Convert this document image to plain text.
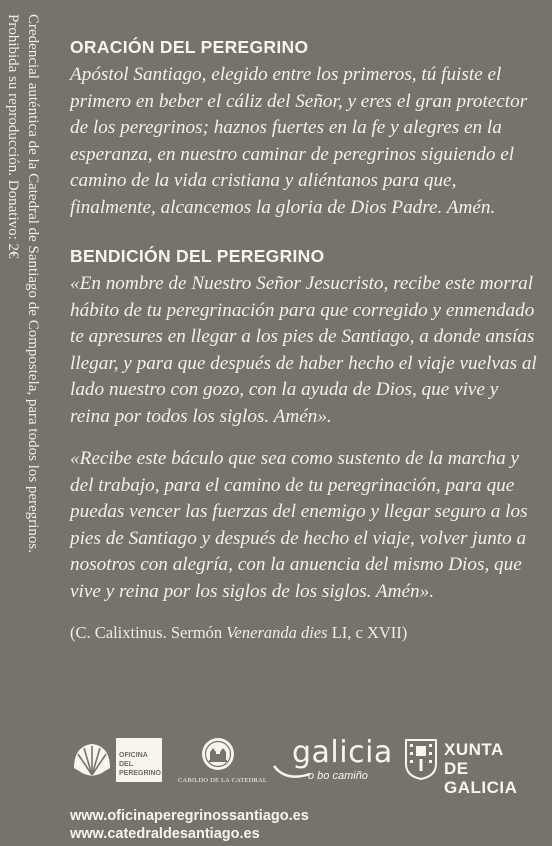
Credencial auténtica de la Catedral de Santiago de Compostela, para todos los peregrinos.
Prohibida su reproducción. Donativo: 2€	ORACIÓN DEL PEREGRINO

Apóstol Santiago, elegido entre los primeros, tú fuiste el primero en beber el cáliz del Señor, y eres el gran protector de los peregrinos; haznos fuertes en la fe y alegres en la esperanza, en nuestro caminar de peregrinos siguiendo el camino de la vida cristiana y aliéntanos para que, finalmente, alcancemos la gloria de Dios Padre. Amén.

BENDICIÓN DEL PEREGRINO

«En nombre de Nuestro Señor Jesucristo, recibe este morral hábito de tu peregrinación para que corregido y enmendado te apresures en llegar a los pies de Santiago, a donde ansías llegar, y para que después de haber hecho el viaje vuelvas al lado nuestro con gozo, con la ayuda de Dios, que vive y reina por todos los siglos. Amén».

«Recibe este báculo que sea como sustento de la marcha y del trabajo, para el camino de tu peregrinación, para que puedas vencer las fuerzas del enemigo y llegar seguro a los pies de Santiago y después de hecho el viaje, volver junto a nosotros con alegría, con la anuencia del mismo Dios, que vive y reina por los siglos de los siglos. Amén».

(C. Calixtinus. Sermón Veneranda dies LI, c XVII)
OFICINA DEL
PEREGRINO
CABILDO DE LA CATEDRAL
galicia
o bo camiño
XUNTA
DE GALICIA
www.oficinaperegrinossantiago.es
www.catedraldesantiago.es
